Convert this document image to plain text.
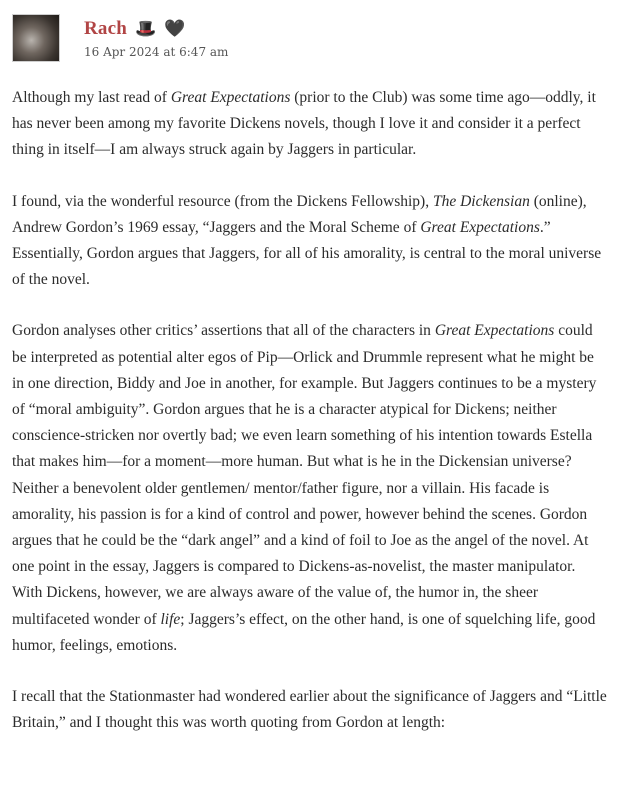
Rach 🎩 🖤
16 Apr 2024 at 6:47 am

Although my last read of Great Expectations (prior to the Club) was some time ago—oddly, it has never been among my favorite Dickens novels, though I love it and consider it a perfect thing in itself—I am always struck again by Jaggers in particular.

I found, via the wonderful resource (from the Dickens Fellowship), The Dickensian (online), Andrew Gordon’s 1969 essay, “Jaggers and the Moral Scheme of Great Expectations.” Essentially, Gordon argues that Jaggers, for all of his amorality, is central to the moral universe of the novel.

Gordon analyses other critics’ assertions that all of the characters in Great Expectations could be interpreted as potential alter egos of Pip—Orlick and Drummle represent what he might be in one direction, Biddy and Joe in another, for example. But Jaggers continues to be a mystery of “moral ambiguity”. Gordon argues that he is a character atypical for Dickens; neither conscience-stricken nor overtly bad; we even learn something of his intention towards Estella that makes him—for a moment—more human. But what is he in the Dickensian universe? Neither a benevolent older gentlemen/ mentor/father figure, nor a villain. His facade is amorality, his passion is for a kind of control and power, however behind the scenes. Gordon argues that he could be the “dark angel” and a kind of foil to Joe as the angel of the novel. At one point in the essay, Jaggers is compared to Dickens-as-novelist, the master manipulator. With Dickens, however, we are always aware of the value of, the humor in, the sheer multifaceted wonder of life; Jaggers’s effect, on the other hand, is one of squelching life, good humor, feelings, emotions.

I recall that the Stationmaster had wondered earlier about the significance of Jaggers and “Little Britain,” and I thought this was worth quoting from Gordon at length:
